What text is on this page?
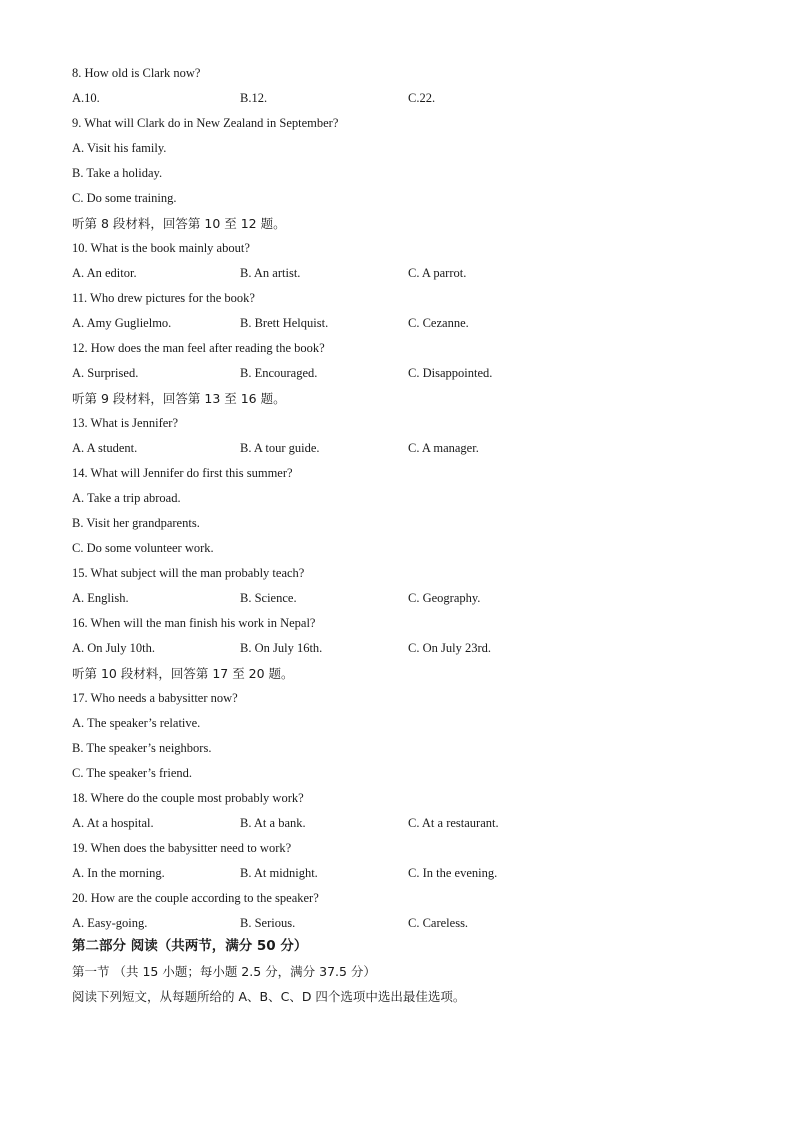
8. How old is Clark now?
A.10.	B.12.	C.22.
9. What will Clark do in New Zealand in September?
A. Visit his family.
B. Take a holiday.
C. Do some training.
听第 8 段材料，回答第 10 至 12 题。
10. What is the book mainly about?
A. An editor.	B. An artist.	C. A parrot.
11. Who drew pictures for the book?
A. Amy Guglielmo.	B. Brett Helquist.	C. Cezanne.
12. How does the man feel after reading the book?
A. Surprised.	B. Encouraged.	C. Disappointed.
听第 9 段材料，回答第 13 至 16 题。
13. What is Jennifer?
A. A student.	B. A tour guide.	C. A manager.
14. What will Jennifer do first this summer?
A. Take a trip abroad.
B. Visit her grandparents.
C. Do some volunteer work.
15. What subject will the man probably teach?
A. English.	B. Science.	C. Geography.
16. When will the man finish his work in Nepal?
A. On July 10th.	B. On July 16th.	C. On July 23rd.
听第 10 段材料，回答第 17 至 20 题。
17. Who needs a babysitter now?
A. The speaker’s relative.
B. The speaker’s neighbors.
C. The speaker’s friend.
18. Where do the couple most probably work?
A. At a hospital.	B. At a bank.	C. At a restaurant.
19. When does the babysitter need to work?
A. In the morning.	B. At midnight.	C. In the evening.
20. How are the couple according to the speaker?
A. Easy-going.	B. Serious.	C. Careless.
第二部分 阅读（共两节，满分 50 分）
第一节 （共 15 小题；每小题 2.5 分，满分 37.5 分）
阅读下列短文，从每题所给的 A、B、C、D 四个选项中选出最佳选项。
